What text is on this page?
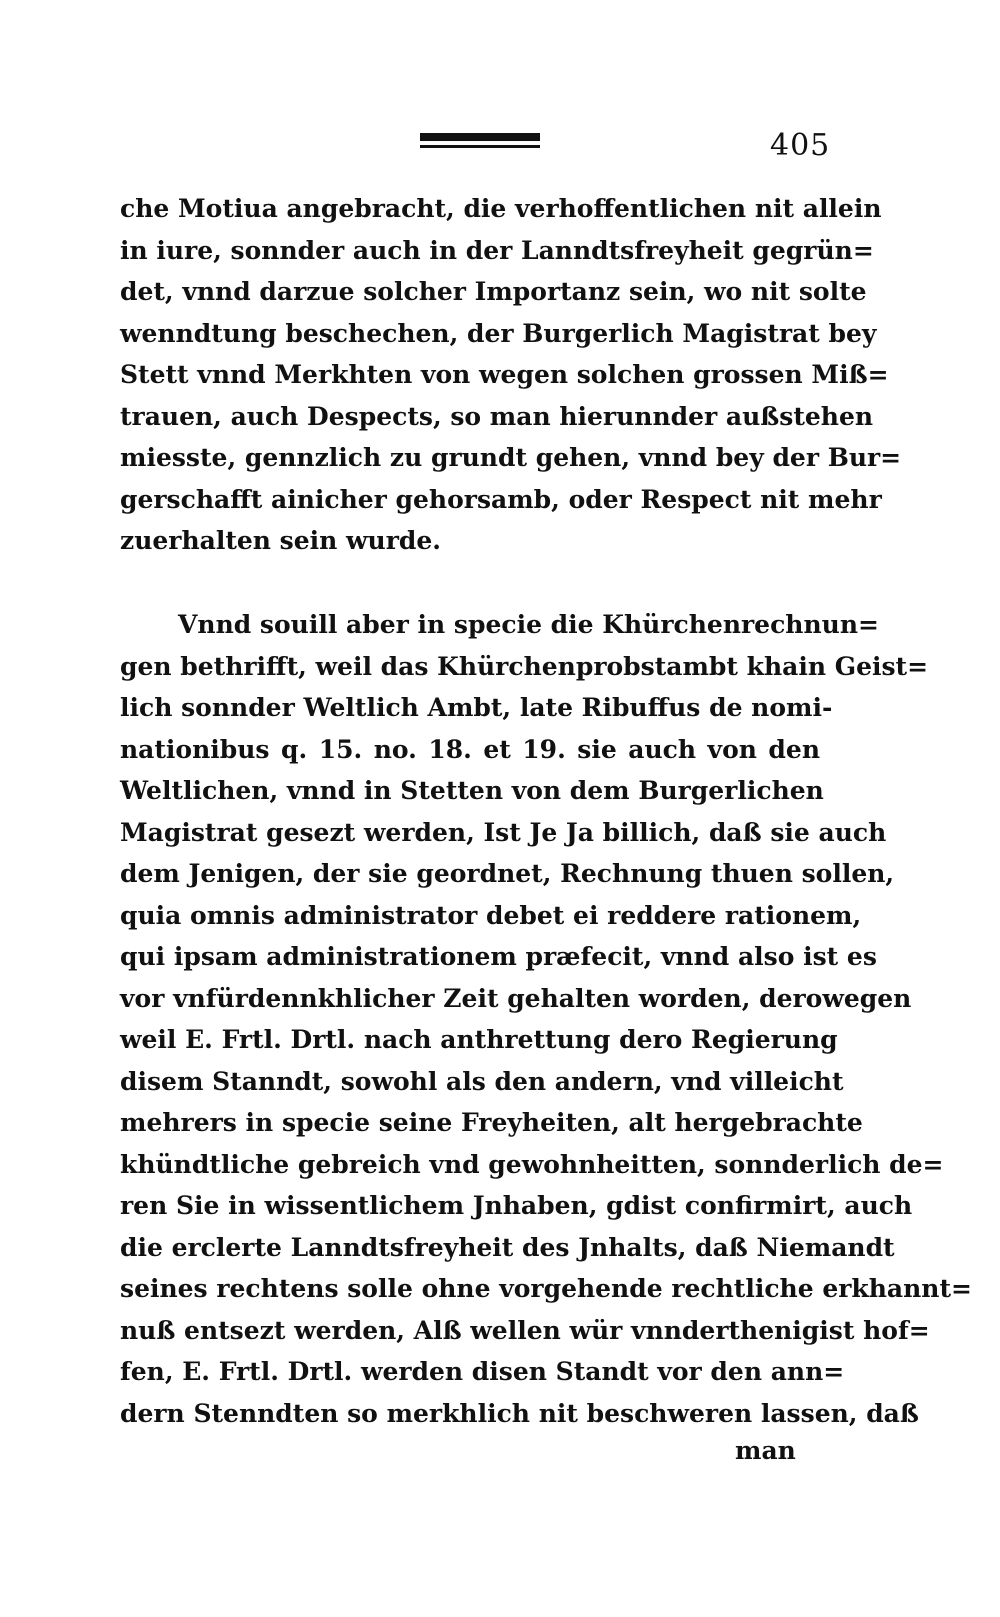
405
che Motiua angebracht, die verhoffentlichen nit allein
in iure, sonnder auch in der Lanndtsfreyheit gegrün=
det, vnnd darzue solcher Importanz sein, wo nit solte
wenndtung beschechen, der Burgerlich Magistrat bey
Stett vnnd Merkhten von wegen solchen grossen Miß=
trauen, auch Despects, so man hierunnder außstehen
miesste, gennzlich zu grundt gehen, vnnd bey der Bur=
gerschafft ainicher gehorsamb, oder Respect nit mehr
zuerhalten sein wurde.
Vnnd souill aber in specie die Khürchenrechnun=
gen bethrifft, weil das Khürchenprobstambt khain Geist=
lich sonnder Weltlich Ambt, late Ribuffus de nomi-
nationibus q. 15. no. 18. et 19. sie auch von den
Weltlichen, vnnd in Stetten von dem Burgerlichen
Magistrat gesezt werden, Ist Je Ja billich, daß sie auch
dem Jenigen, der sie geordnet, Rechnung thuen sollen,
quia omnis administrator debet ei reddere rationem,
qui ipsam administrationem præfecit, vnnd also ist es
vor vnfürdennkhlicher Zeit gehalten worden, derowegen
weil E. Frtl. Drtl. nach anthrettung dero Regierung
disem Stanndt, sowohl als den andern, vnd villeicht
mehrers in specie seine Freyheiten, alt hergebrachte
khündtliche gebreich vnd gewohnheitten, sonnderlich de=
ren Sie in wissentlichem Jnhaben, gdist confirmirt, auch
die erclerte Lanndtsfreyheit des Jnhalts, daß Niemandt
seines rechtens solle ohne vorgehende rechtliche erkhannt=
nuß entsezt werden, Alß wellen wür vnnderthenigist hof=
fen, E. Frtl. Drtl. werden disen Standt vor den ann=
dern Stenndten so merkhlich nit beschweren lassen, daß
man
